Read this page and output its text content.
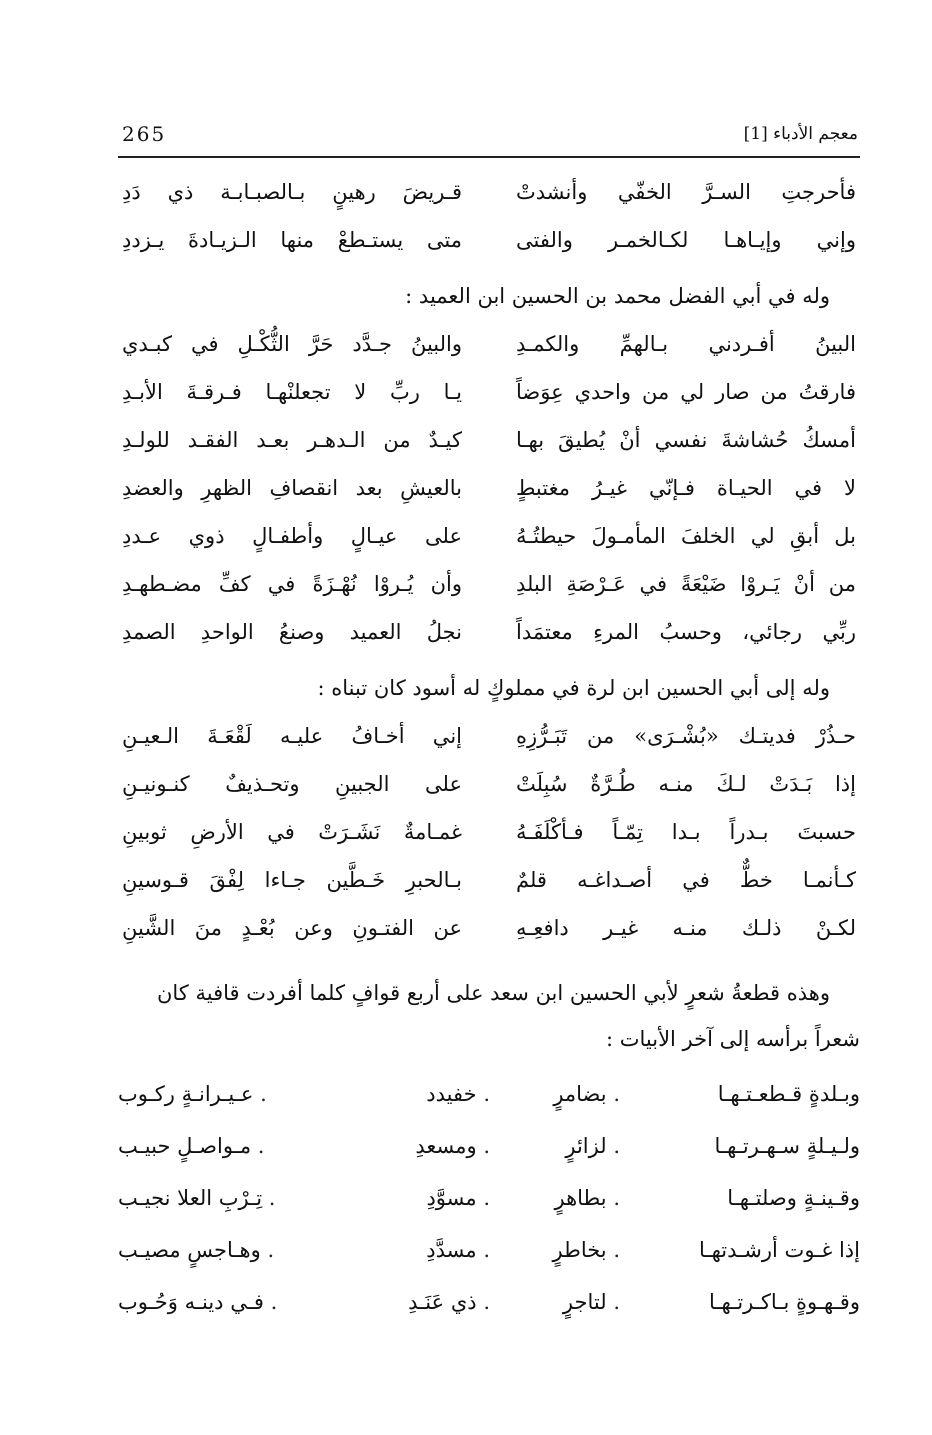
265	معجم الأدباء [1]
فأحرجتِ السـرَّ الخفّي وأنشدتْ
قـريضَ رهينٍ بـالصبـابـة ذي دَدِ
وإني وإيـاهـا لكـالخمـر والفتى
متى يستـطعْ منها الـزيـادةَ يـزددِ
وله في أبي الفضل محمد بن الحسين ابن العميد :
البينُ أفـردني بـالهمِّ والكمـدِ
والبينُ جـدَّد حَرَّ الثُّكْـلِ في كبـدي
فارقتُ من صار لي من واحدي عِوَضاً
يـا ربِّ لا تجعلنْهـا فـرقـةَ الأبـدِ
أمسكُ حُشاشةَ نفسي أنْ يُطيقَ بهـا
كيـدٌ من الـدهـر بعـد الفقـد للولـدِ
لا في الحيـاة فـإنّي غيـرُ مغتبطٍ
بالعيشِ بعد انقصافِ الظهرِ والعضدِ
بل أبقِ لي الخلفَ المأمـولَ حيطتُـهُ
على عيـالٍ وأطفـالٍ ذوي عـددِ
من أنْ يَـروْا ضَيْعَةً في عَـرْصَةِ البلدِ
وأن يُـروْا نُهْـزَةً في كفِّ مضـطهـدِ
ربِّي رجائي، وحسبُ المرءِ معتمَداً
نجلُ العميد وصنعُ الواحدِ الصمدِ
وله إلى أبي الحسين ابن لرة في مملوكٍ له أسود كان تبناه :
حـذُرْ فديتـك «بُشْـرَى» من تَبَـرُّزِهِ
إني أخـافُ عليـه لَقْعَـةَ الـعيـنِ
إذا بَـدَتْ لـكَ منـه طُـرَّةٌ سُبِلَتْ
على الجبينِ وتحـذيفٌ كنـونيـنِ
حسبتَ بـدراً بـدا تِمّـاً فـأكْلَفَـهُ
غمـامةٌ نَشَـرَتْ في الأرضِ ثوبينِ
كـأنمـا خطٌّ في أصـداغـه قلمٌ
بـالحبرِ خَـطَّين جـاءا لِفْقَ قـوسينِ
لكـنْ ذلـك منـه غيـر دافعِـهِ
عن الفتـونِ وعن بُعْـدٍ منَ الشَّينِ
وهذه قطعةُ شعرٍ لأبي الحسين ابن سعد على أربع قوافٍ كلما أفردت قافية كان شعراً برأسه إلى آخر الأبيات :
وبـلدةٍ قـطعـتـهـا
. بضامرٍ
. خفيدد
. عـيـرانـةٍ ركـوب
ولـيـلةٍ سـهـرتـهـا
. لزائرٍ
. ومسعدِ
. مـواصـلٍ حبيـب
وقـينـةٍ وصلتـهـا
. بطاهرٍ
. مسوَّدِ
. تِـرْبِ العلا نجيـب
إذا غـوت أرشـدتهـا
. بخاطرٍ
. مسدَّدِ
. وهـاجسٍ مصيـب
وقـهـوةٍ بـاكـرتـهـا
. لتاجرٍ
. ذي عَنَـدِ
. فـي دينـه وَحُـوب
